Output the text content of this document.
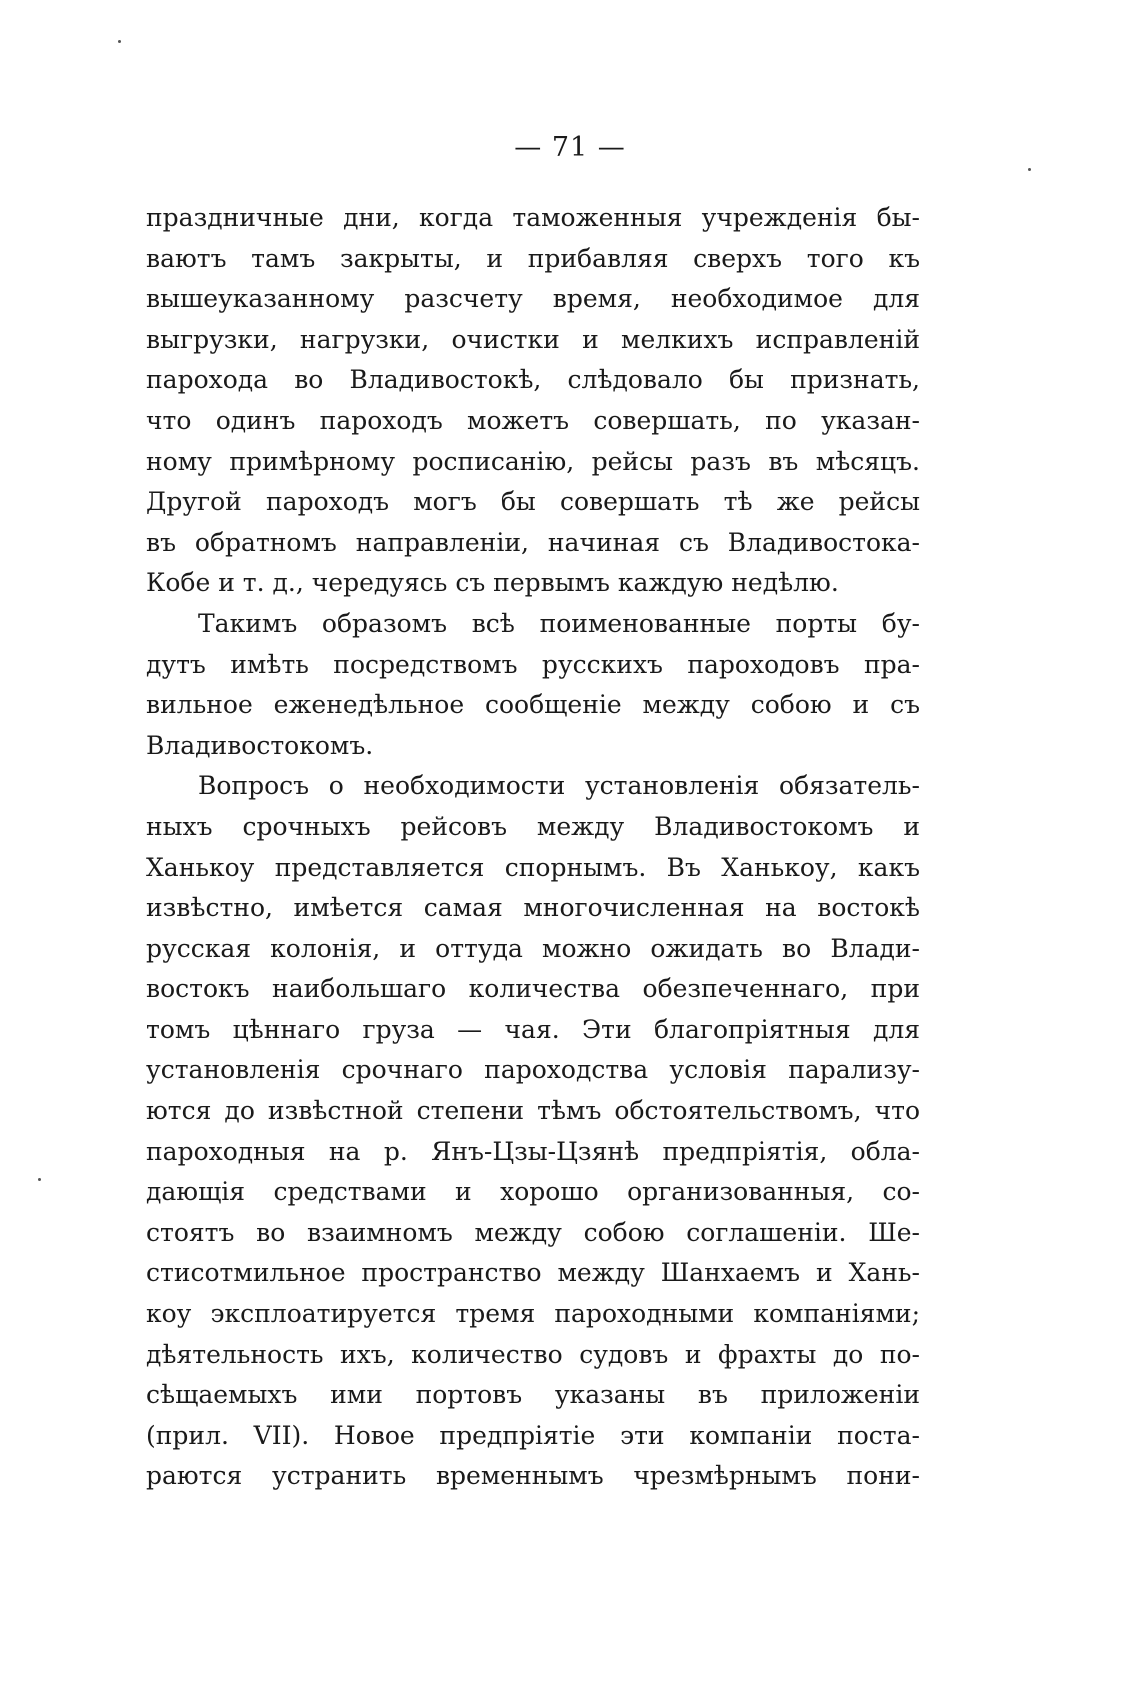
— 71 —
праздничные дни, когда таможенныя учрежденія бы-
ваютъ тамъ закрыты, и прибавляя сверхъ того къ
вышеуказанному разсчету время, необходимое для
выгрузки, нагрузки, очистки и мелкихъ исправленій
парохода во Владивостокѣ, слѣдовало бы признать,
что одинъ пароходъ можетъ совершать, по указан-
ному примѣрному росписанію, рейсы разъ въ мѣсяцъ.
Другой пароходъ могъ бы совершать тѣ же рейсы
въ обратномъ направленіи, начиная съ Владивостока-
Кобе и т. д., чередуясь съ первымъ каждую недѣлю.
Такимъ образомъ всѣ поименованные порты бу-
дутъ имѣть посредствомъ русскихъ пароходовъ пра-
вильное еженедѣльное сообщеніе между собою и съ
Владивостокомъ.
Вопросъ о необходимости установленія обязатель-
ныхъ срочныхъ рейсовъ между Владивостокомъ и
Ханькоу представляется спорнымъ. Въ Ханькоу, какъ
извѣстно, имѣется самая многочисленная на востокѣ
русская колонія, и оттуда можно ожидать во Влади-
востокъ наибольшаго количества обезпеченнаго, при
томъ цѣннаго груза — чая. Эти благопріятныя для
установленія срочнаго пароходства условія парализу-
ются до извѣстной степени тѣмъ обстоятельствомъ, что
пароходныя на р. Янъ-Цзы-Цзянѣ предпріятія, обла-
дающія средствами и хорошо организованныя, со-
стоятъ во взаимномъ между собою соглашеніи. Ше-
стисотмильное пространство между Шанхаемъ и Хань-
коу эксплоатируется тремя пароходными компаніями;
дѣятельность ихъ, количество судовъ и фрахты до по-
сѣщаемыхъ ими портовъ указаны въ приложеніи
(прил. VII). Новое предпріятіе эти компаніи поста-
раются устранить временнымъ чрезмѣрнымъ пони-
